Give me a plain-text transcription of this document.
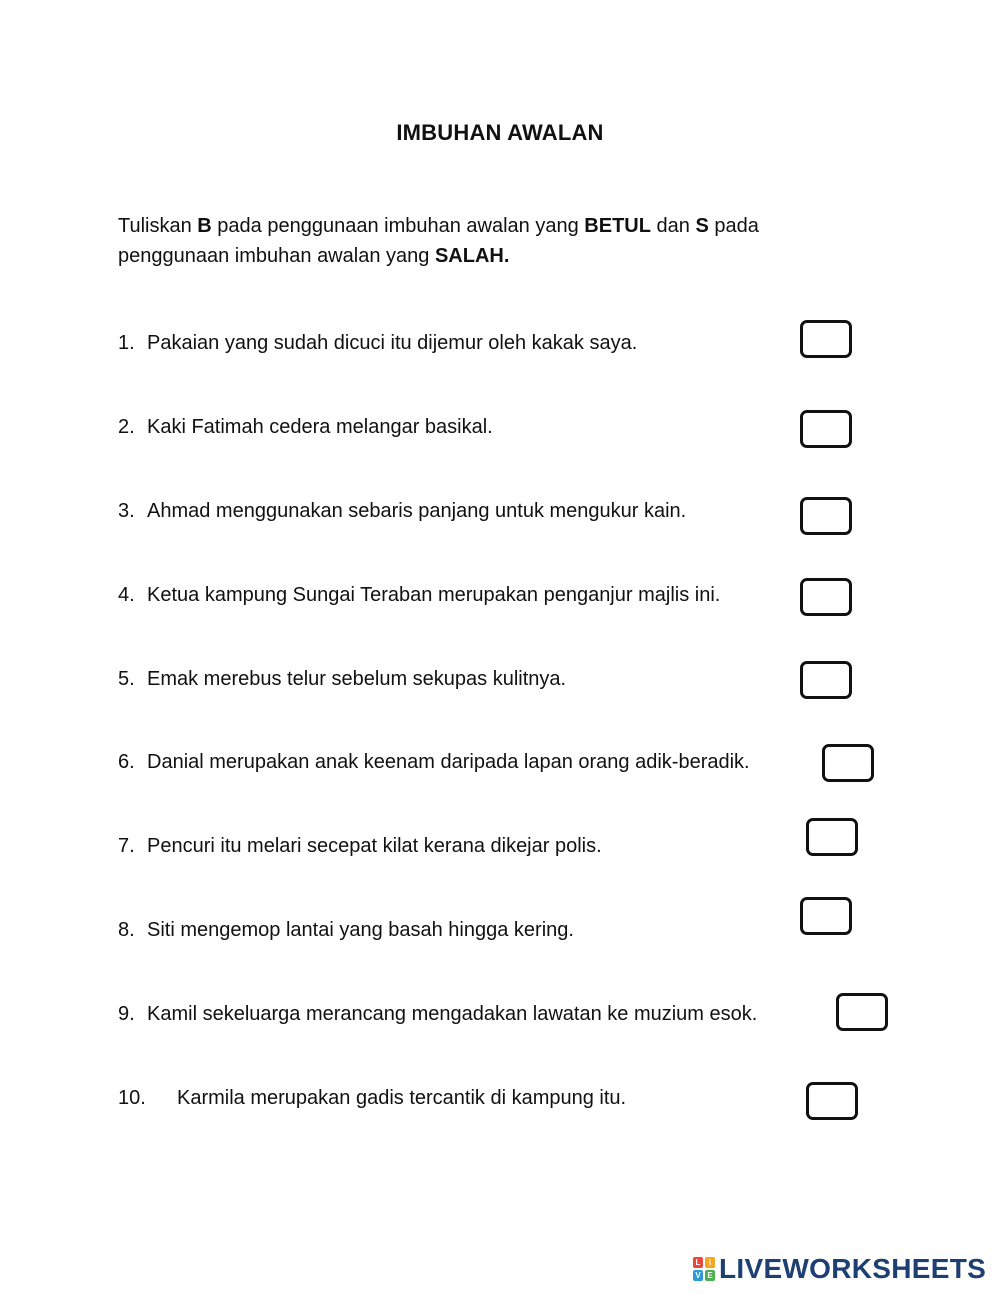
IMBUHAN AWALAN
Tuliskan B pada penggunaan imbuhan awalan yang BETUL dan S pada penggunaan imbuhan awalan yang SALAH.
1. Pakaian yang sudah dicuci itu dijemur oleh kakak saya.
2. Kaki Fatimah cedera melangar basikal.
3. Ahmad menggunakan sebaris panjang untuk mengukur kain.
4. Ketua kampung Sungai Teraban merupakan penganjur majlis ini.
5. Emak merebus telur sebelum sekupas kulitnya.
6. Danial merupakan anak keenam daripada lapan orang adik-beradik.
7. Pencuri itu melari secepat kilat kerana dikejar polis.
8. Siti mengemop lantai yang basah hingga kering.
9. Kamil sekeluarga merancang mengadakan lawatan ke muzium esok.
10. Karmila merupakan gadis tercantik di kampung itu.
L	i
V E LIVEWORKSHEETS
